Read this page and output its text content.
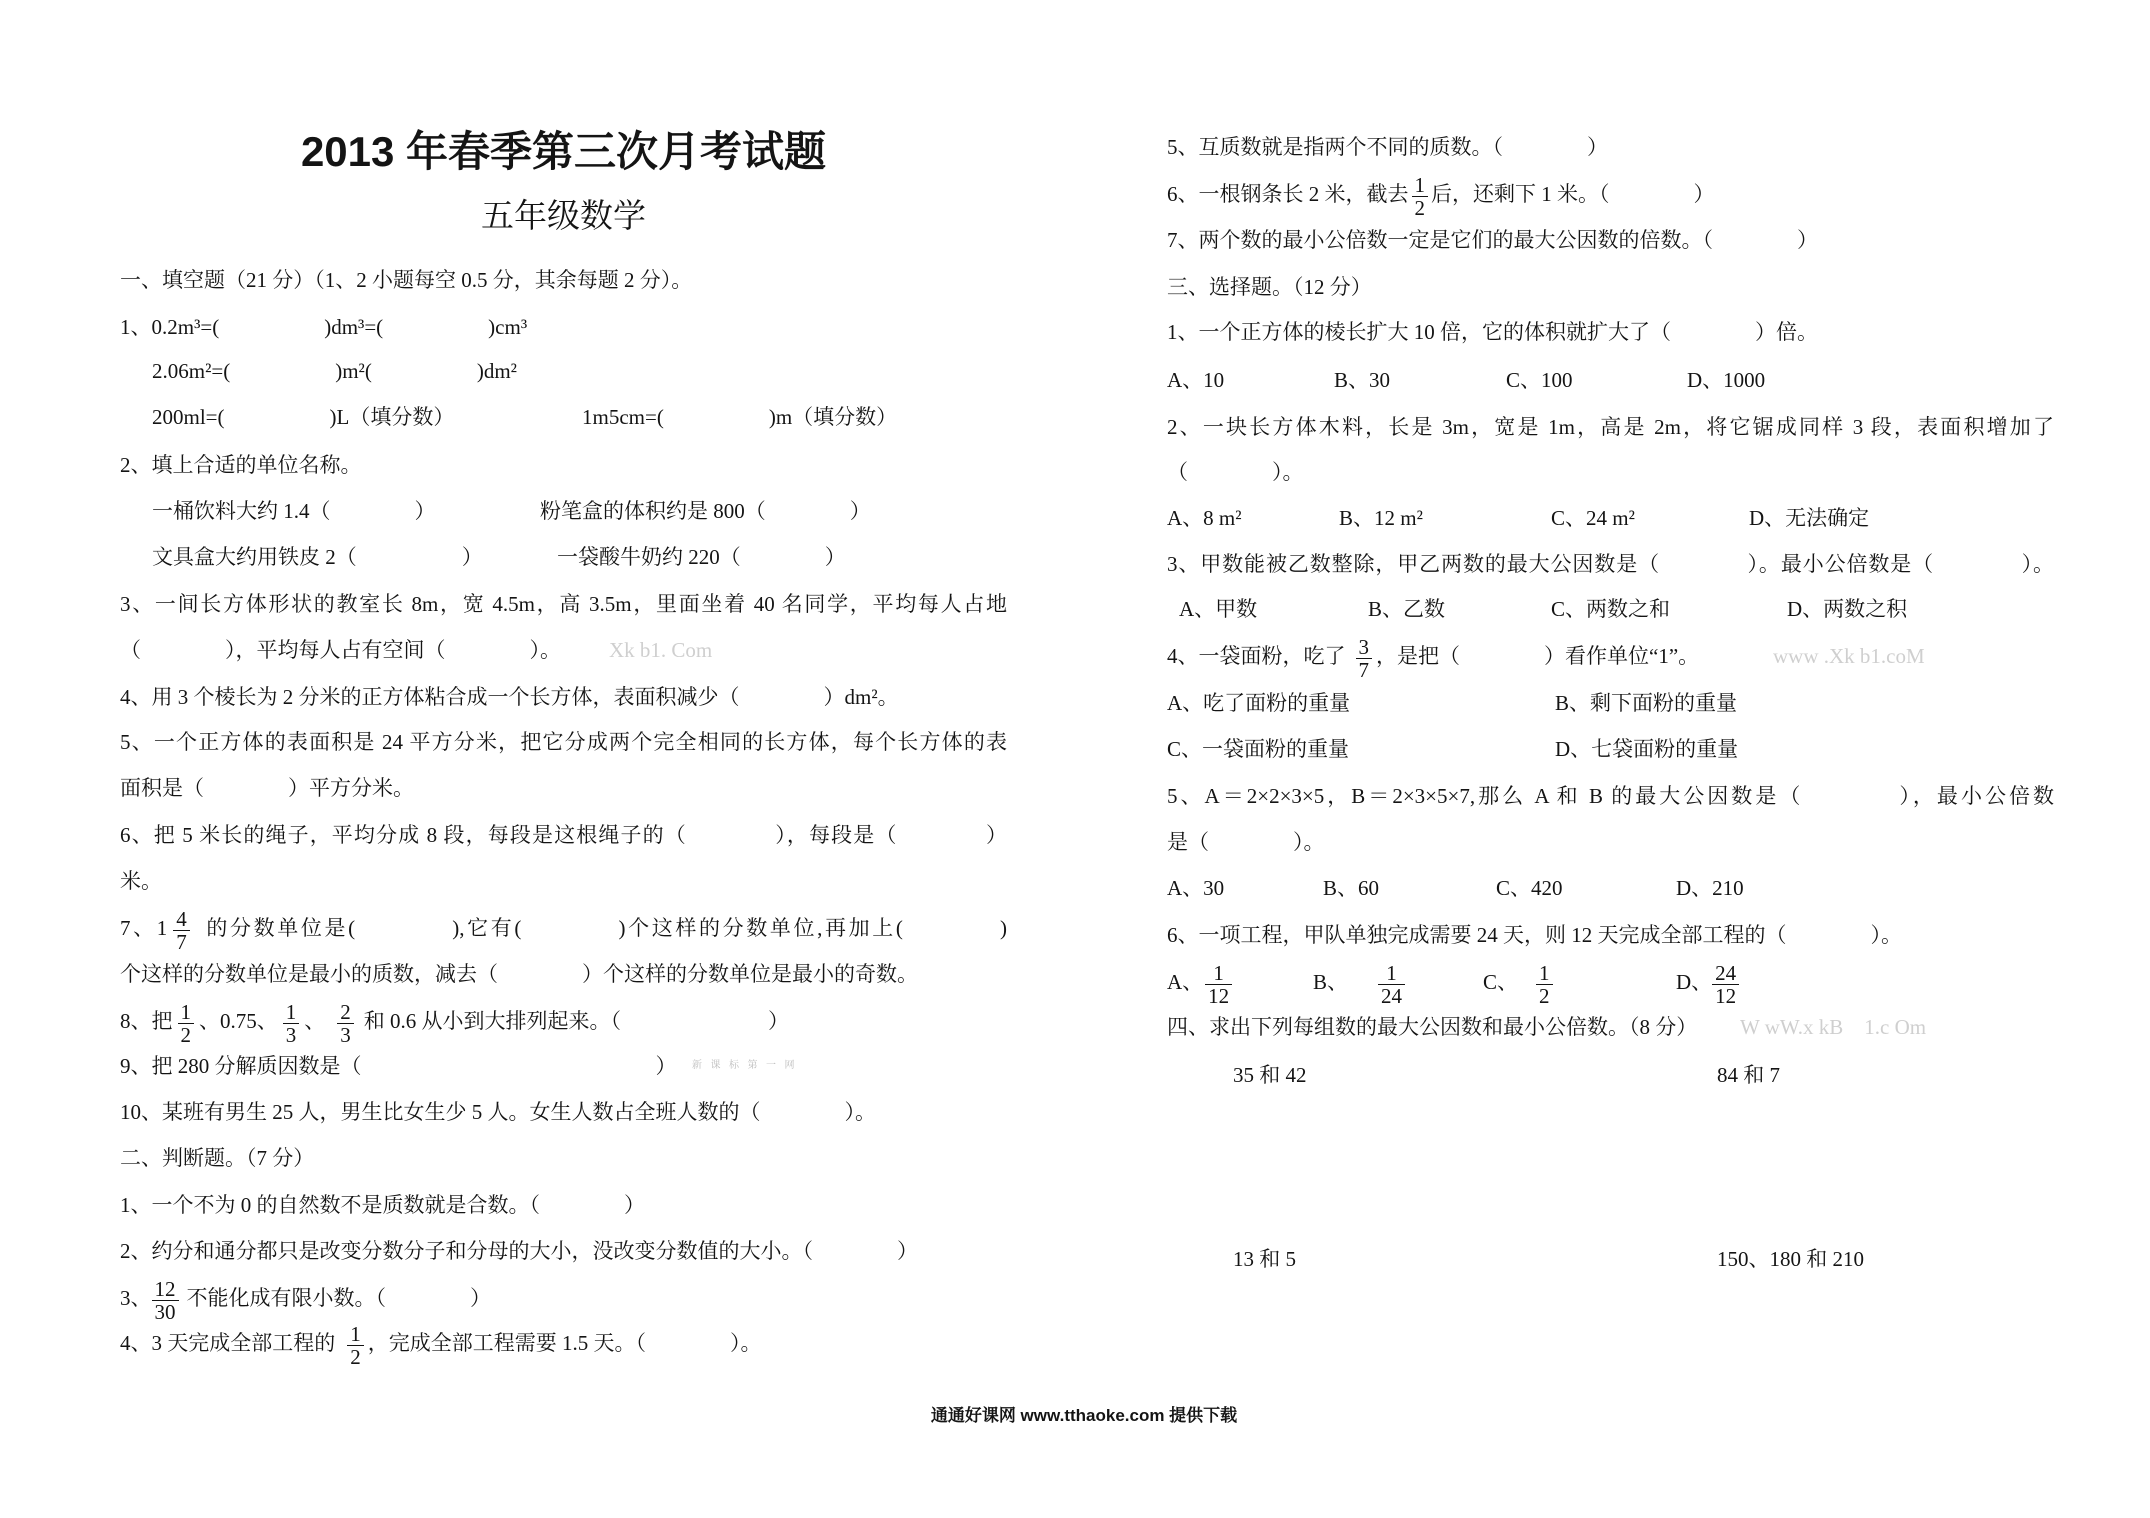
2013 年春季第三次月考试题
五年级数学
一、填空题（21 分）（1、2 小题每空 0.5 分，其余每题 2 分）。
1、0.2m³=(　　　　　)dm³=(　　　　　)cm³
2.06m²=(　　　　　)m²(　　　　　)dm²
200ml=(　　　　　)L（填分数）	1m5cm=(　　　　　)m（填分数）
2、填上合适的单位名称。
一桶饮料大约 1.4（　　　　）	粉笔盒的体积约是 800（　　　　）
文具盒大约用铁皮 2（　　　　　）	一袋酸牛奶约 220（　　　　）
3、一间长方体形状的教室长 8m，宽 4.5m，高 3.5m，里面坐着 40 名同学，平均每人占地
（　　　　），平均每人占有空间（　　　　）。 Xk b1. Com
4、用 3 个棱长为 2 分米的正方体粘合成一个长方体，表面积减少（　　　　）dm²。
5、一个正方体的表面积是 24 平方分米，把它分成两个完全相同的长方体，每个长方体的表
面积是（　　　　）平方分米。
6、把 5 米长的绳子，平均分成 8 段，每段是这根绳子的（　　　　），每段是（　　　　）
米。
7、$1 \frac{4}{7}$ 的分数单位是(　　　　),它有(　　　　)个这样的分数单位,再加上(　　　　)
个这样的分数单位是最小的质数，减去（　　　　）个这样的分数单位是最小的奇数。
8、把 $\frac{1}{2}$ 、0.75、 $\frac{1}{3}$ 、 $\frac{2}{3}$ 和 0.6 从小到大排列起来。（　　　　　　　）
9、把 280 分解质因数是（　　　　　　　　　　　　　　） 新 课 标 第 一 网
10、某班有男生 25 人，男生比女生少 5 人。女生人数占全班人数的（　　　　）。
二、判断题。（7 分）
1、一个不为 0 的自然数不是质数就是合数。（　　　　）
2、约分和通分都只是改变分数分子和分母的大小，没改变分数值的大小。（　　　　）
3、 $\frac{12}{30}$ 不能化成有限小数。（　　　　）
4、3 天完成全部工程的 $\frac{1}{2}$ ，完成全部工程需要 1.5 天。（　　　　）。
5、互质数就是指两个不同的质数。（　　　　）
6、一根钢条长 2 米，截去 $\frac{1}{2}$ 后，还剩下 1 米。（　　　　）
7、两个数的最小公倍数一定是它们的最大公因数的倍数。（　　　　）
三、选择题。（12 分）
1、一个正方体的棱长扩大 10 倍，它的体积就扩大了（　　　　）倍。
A、10	B、30	C、100	D、1000
2、一块长方体木料，长是 3m，宽是 1m，高是 2m，将它锯成同样 3 段，表面积增加了
（　　　　）。
A、8 m²	B、12 m²	C、24 m²	D、无法确定
3、甲数能被乙数整除，甲乙两数的最大公因数是（　　　　）。最小公倍数是（　　　　）。
A、甲数	B、乙数	C、两数之和	D、两数之积
4、一袋面粉，吃了 $\frac{3}{7}$ ，是把（　　　　）看作单位“1”。	www .Xk b1.coM
A、吃了面粉的重量	B、剩下面粉的重量
C、一袋面粉的重量	D、七袋面粉的重量
5、A＝2×2×3×5，B＝2×3×5×7,那么 A 和 B 的最大公因数是（　　　　），最小公倍数
是（　　　　）。
A、30	B、60	C、420	D、210
6、一项工程，甲队单独完成需要 24 天，则 12 天完成全部工程的（　　　　）。
A、 $\frac{1}{12}$	B、 $\frac{1}{24}$	C、 $\frac{1}{2}$	D、 $\frac{24}{12}$
四、求出下列每组数的最大公因数和最小公倍数。（8 分） W wW.x kB　1.c Om
35 和 42	84 和 7
13 和 5	150、180 和 210
通通好课网 www.tthaoke.com 提供下载
